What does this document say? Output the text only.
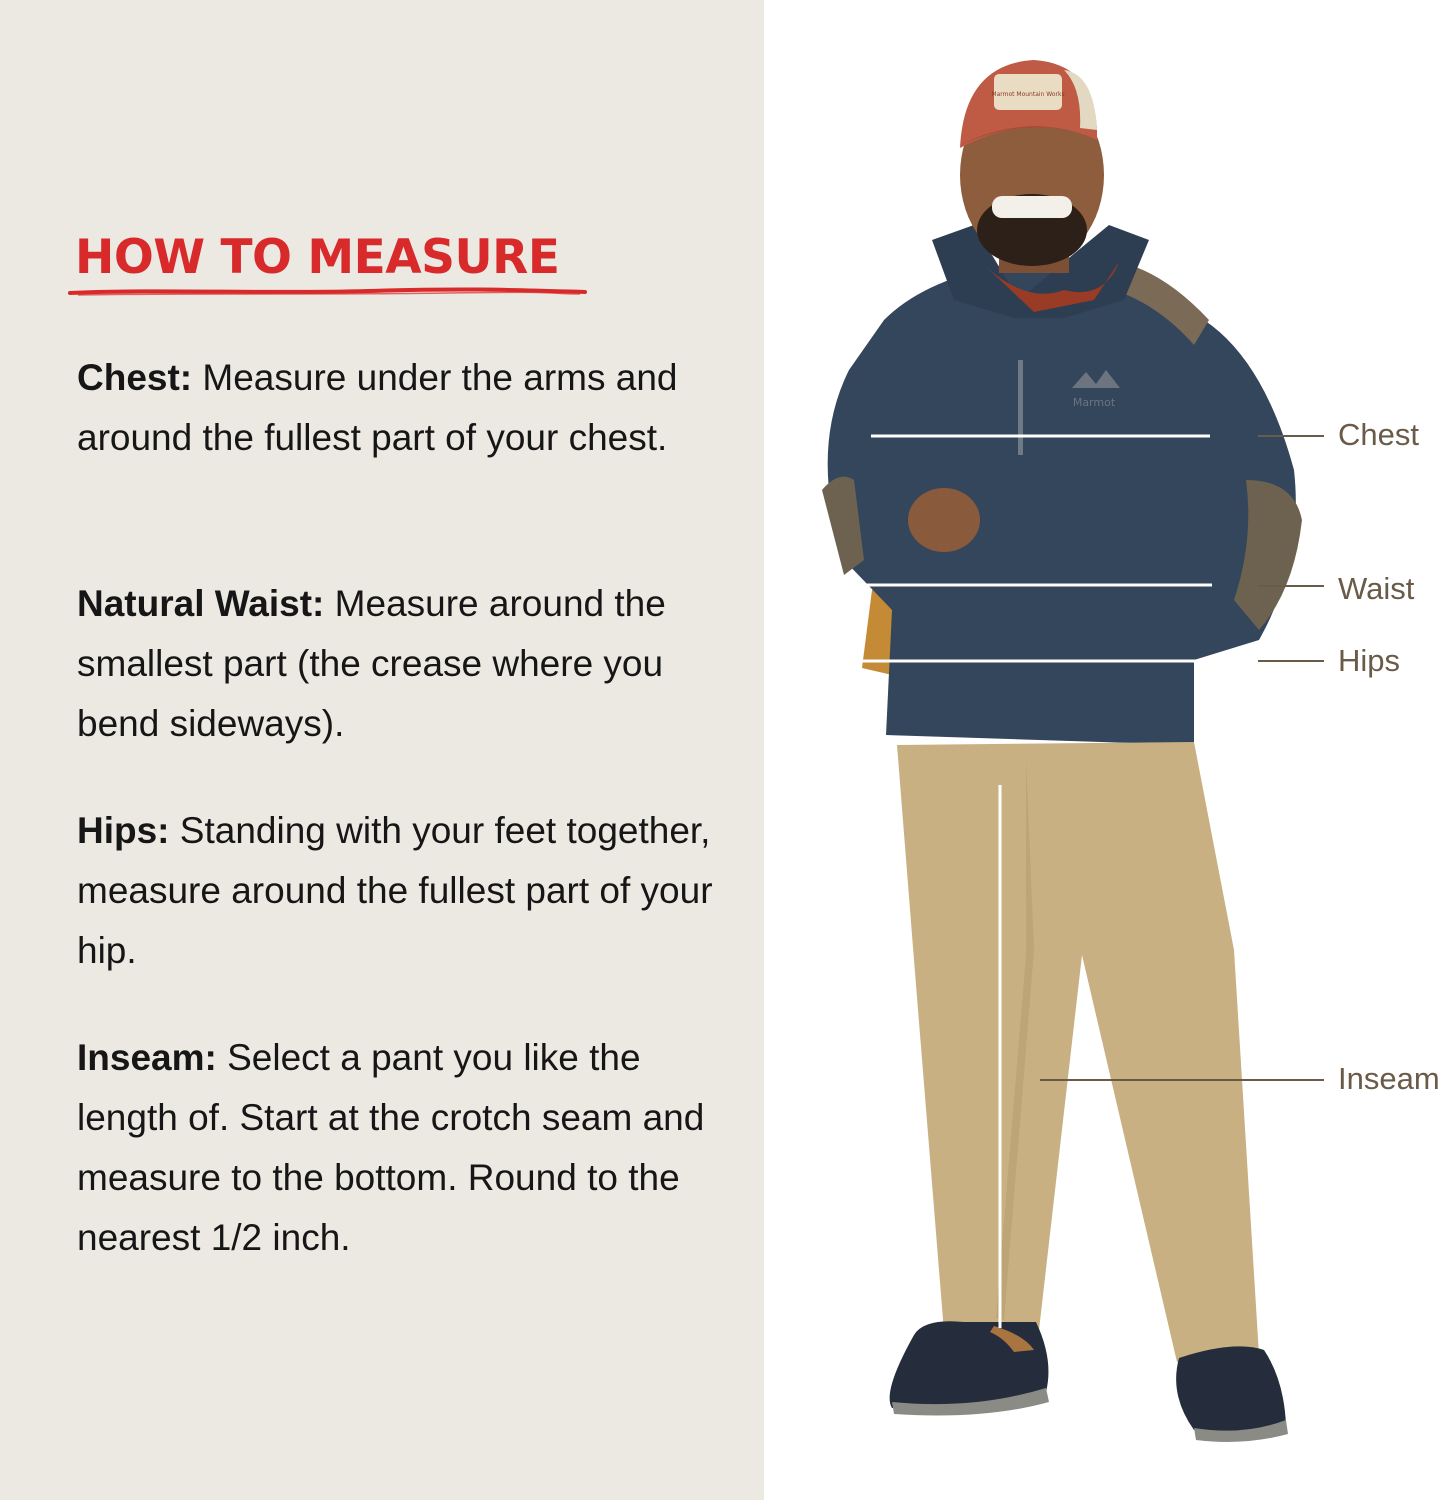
HOW TO MEASURE

Chest: Measure under the arms and around the fullest part of your chest.

Natural Waist: Measure around the smallest part (the crease where you bend sideways).

Hips: Standing with your feet together, measure around the fullest part of your hip.

Inseam: Select a pant you like the length of. Start at the crotch seam and measure to the bottom. Round to the nearest 1/2 inch.

Marmot
Marmot Mountain Works
Chest
Waist
Hips
Inseam
